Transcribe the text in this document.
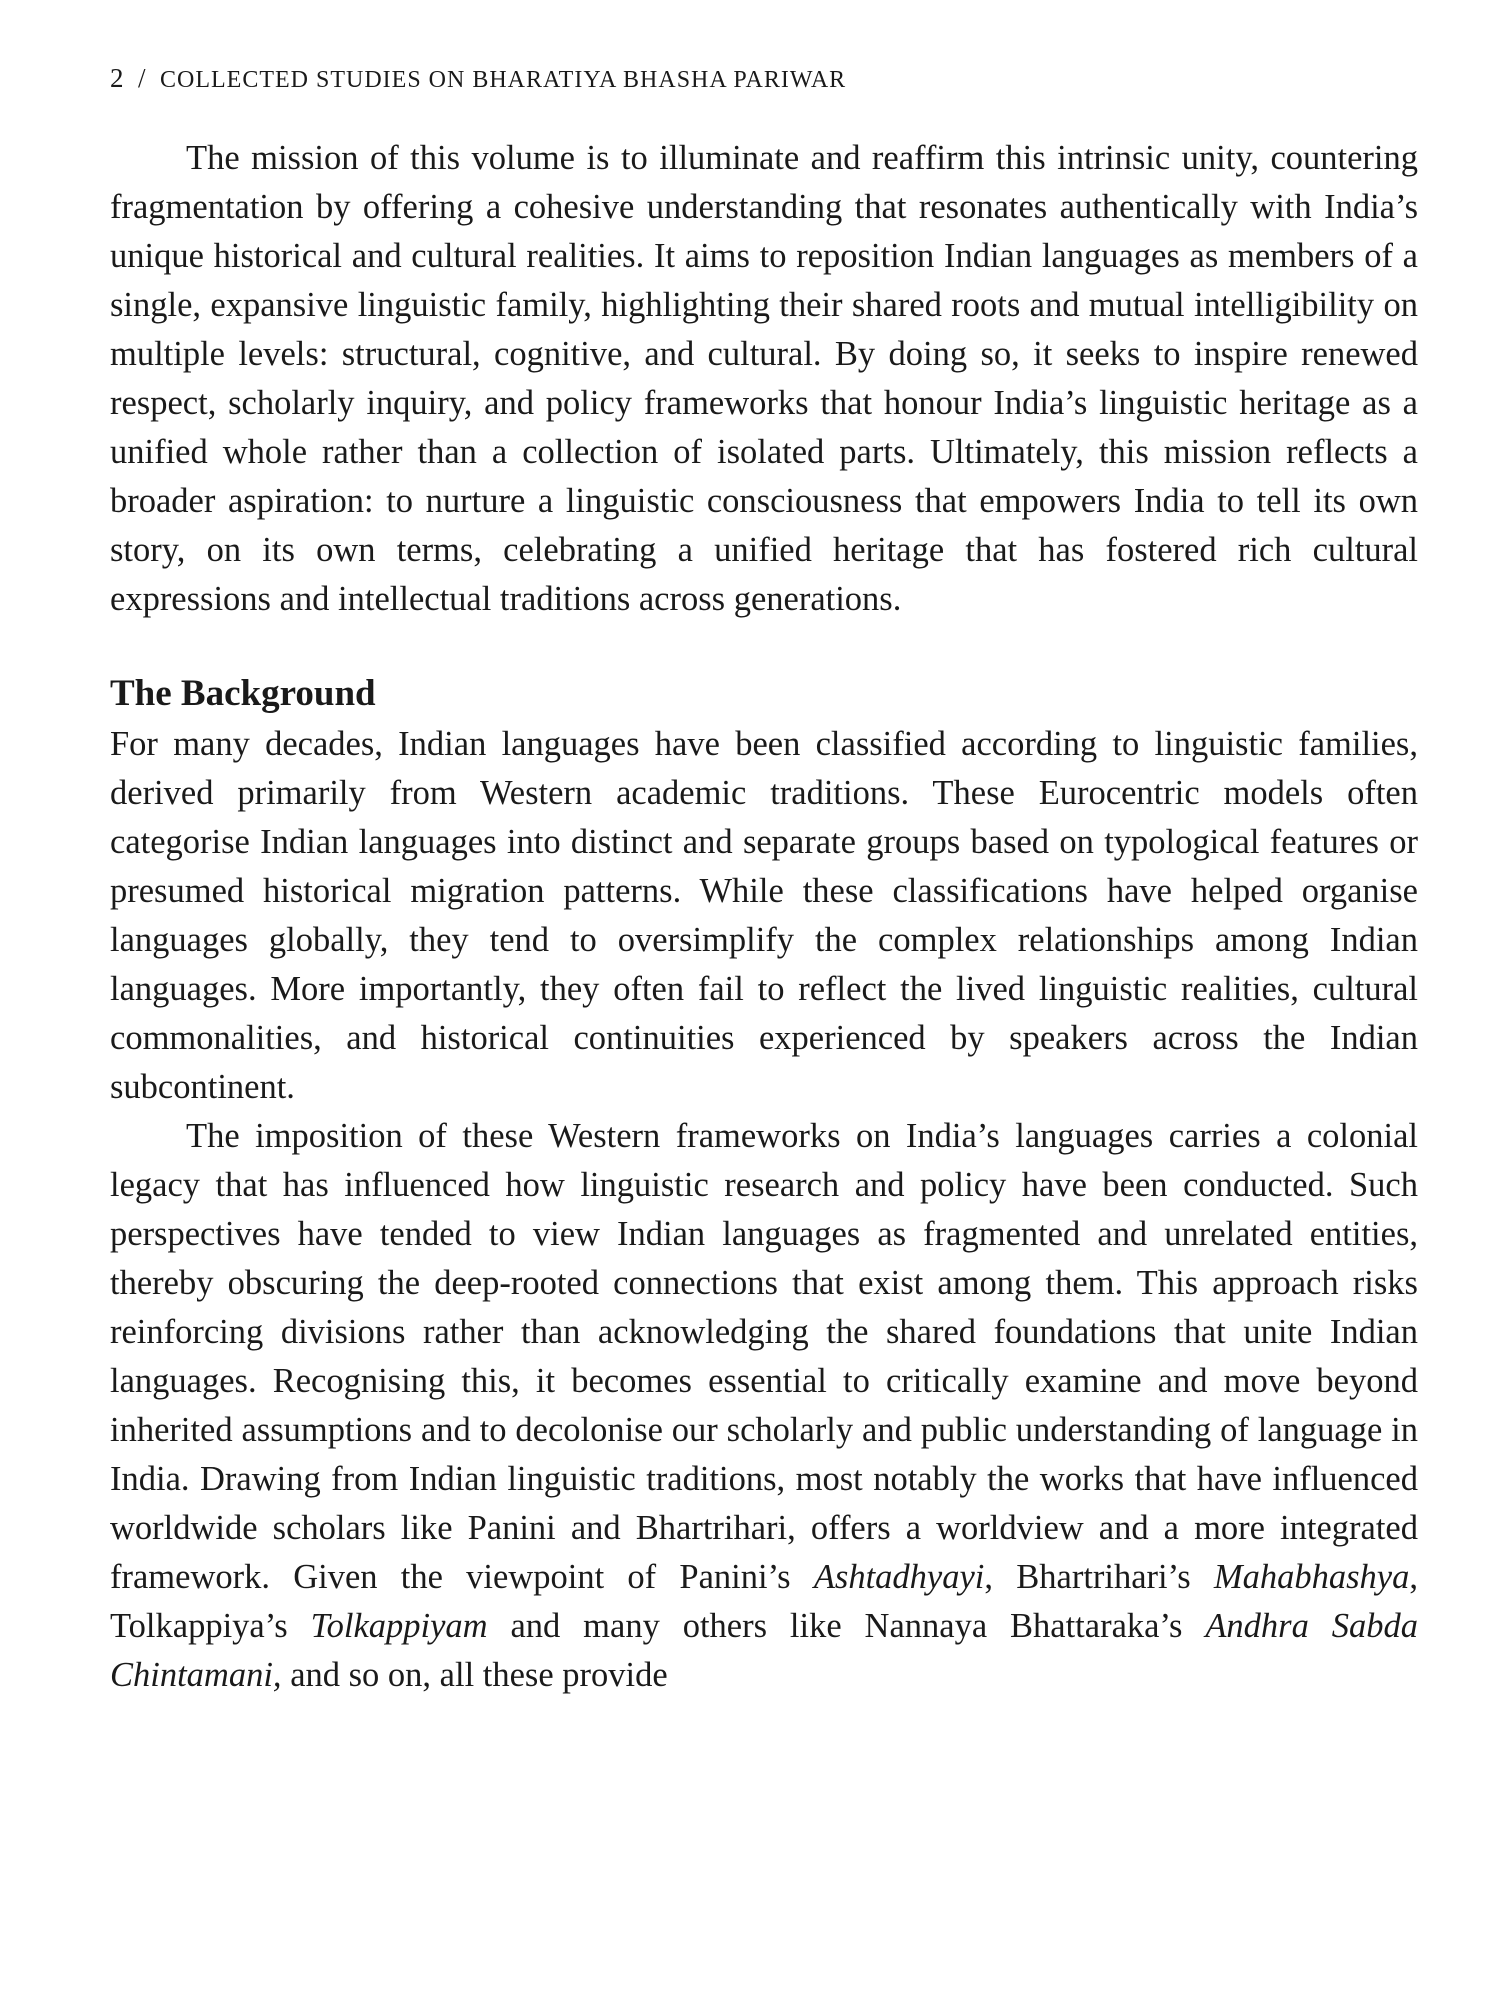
2 / COLLECTED STUDIES ON BHARATIYA BHASHA PARIWAR

The mission of this volume is to illuminate and reaffirm this intrinsic unity, countering fragmentation by offering a cohesive understanding that resonates authentically with India’s unique historical and cultural realities. It aims to reposition Indian languages as members of a single, expansive linguistic family, highlighting their shared roots and mutual intelligibility on multiple levels: structural, cognitive, and cultural. By doing so, it seeks to inspire renewed respect, scholarly inquiry, and policy frameworks that honour India’s linguistic heritage as a unified whole rather than a collection of isolated parts. Ultimately, this mission reflects a broader aspiration: to nurture a linguistic consciousness that empowers India to tell its own story, on its own terms, celebrating a unified heritage that has fostered rich cultural expressions and intellectual traditions across generations.

The Background

For many decades, Indian languages have been classified according to linguistic families, derived primarily from Western academic traditions. These Eurocentric models often categorise Indian languages into distinct and separate groups based on typological features or presumed historical migration patterns. While these classifications have helped organise languages globally, they tend to oversimplify the complex relationships among Indian languages. More importantly, they often fail to reflect the lived linguistic realities, cultural commonalities, and historical continuities experienced by speakers across the Indian subcontinent.

The imposition of these Western frameworks on India’s languages carries a colonial legacy that has influenced how linguistic research and policy have been conducted. Such perspectives have tended to view Indian languages as fragmented and unrelated entities, thereby obscuring the deep-rooted connections that exist among them. This approach risks reinforcing divisions rather than acknowledging the shared foundations that unite Indian languages. Recognising this, it becomes essential to critically examine and move beyond inherited assumptions and to decolonise our scholarly and public understanding of language in India. Drawing from Indian linguistic traditions, most notably the works that have influenced worldwide scholars like Panini and Bhartrihari, offers a worldview and a more integrated framework. Given the viewpoint of Panini’s Ashtadhyayi, Bhartrihari’s Mahabhashya, Tolkappiya’s Tolkappiyam and many others like Nannaya Bhattaraka’s Andhra Sabda Chintamani, and so on, all these provide
